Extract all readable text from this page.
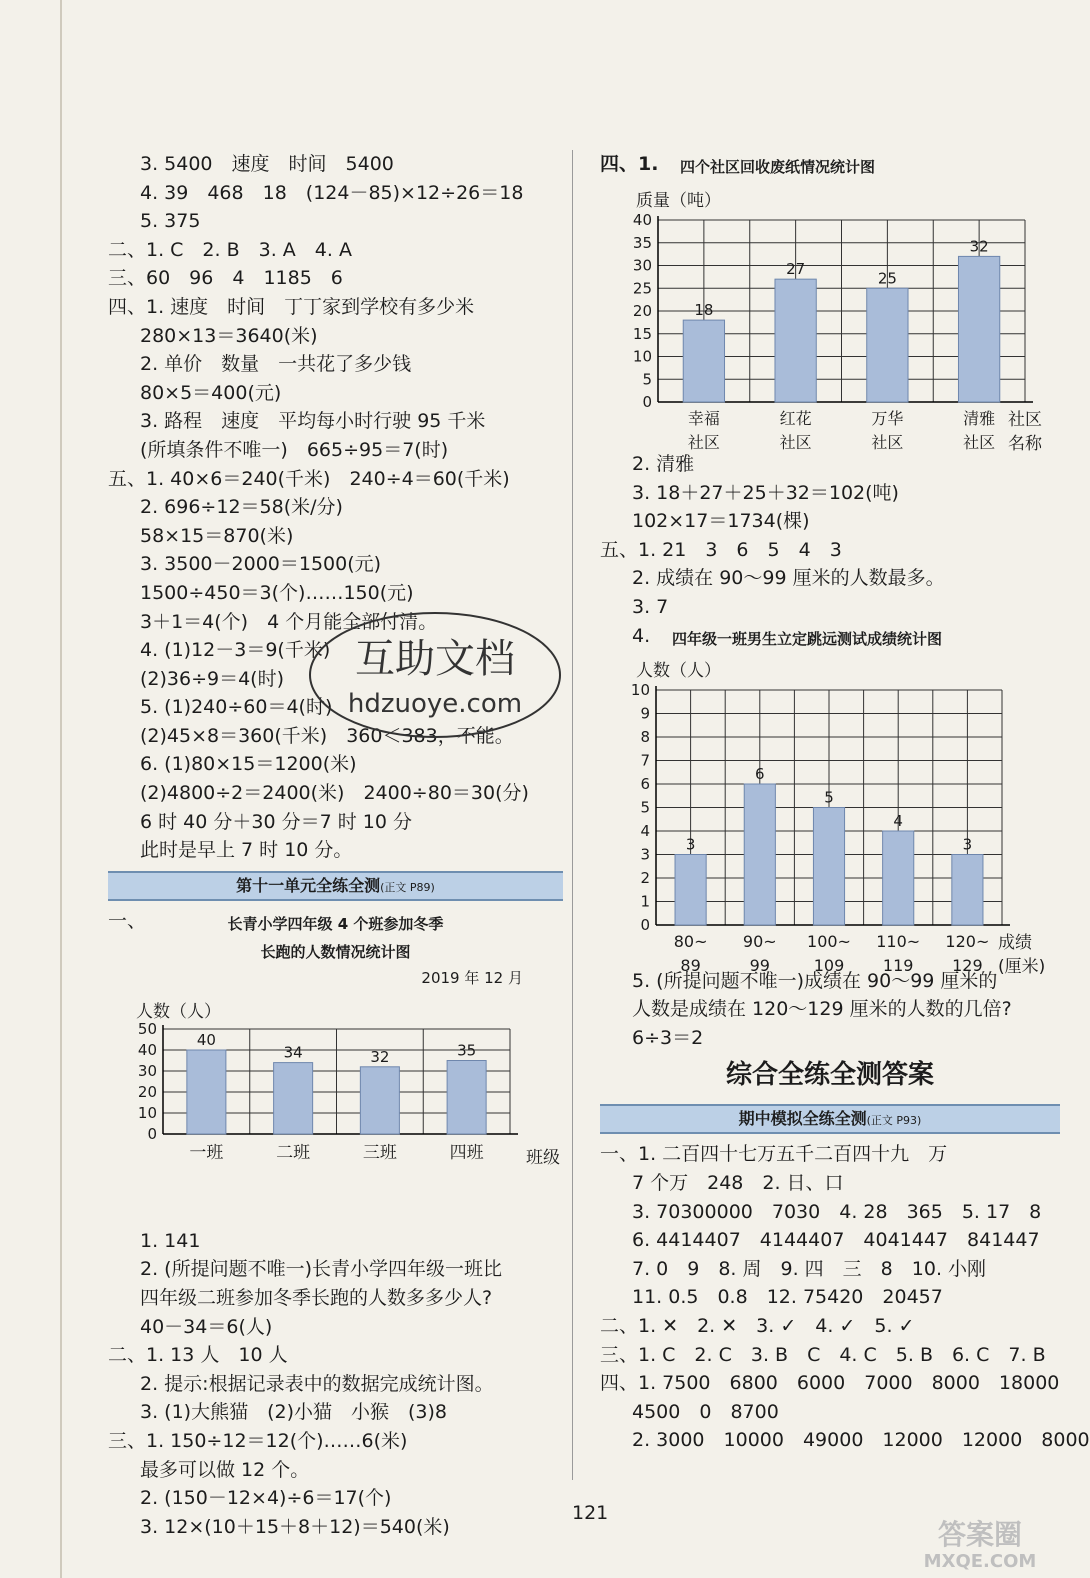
3. 5400　速度　时间　5400
4. 39　468　18　(124－85)×12÷26＝18
5. 375
二、1. C　2. B　3. A　4. A
三、60　96　4　1185　6
四、1. 速度　时间　丁丁家到学校有多少米
280×13＝3640(米)
2. 单价　数量　一共花了多少钱
80×5＝400(元)
3. 路程　速度　平均每小时行驶 95 千米
(所填条件不唯一)　665÷95＝7(时)
五、1. 40×6＝240(千米)　240÷4＝60(千米)
2. 696÷12＝58(米/分)
58×15＝870(米)
3. 3500－2000＝1500(元)
1500÷450＝3(个)……150(元)
3＋1＝4(个)　4 个月能全部付清。
4. (1)12－3＝9(千米)
(2)36÷9＝4(时)
5. (1)240÷60＝4(时)
(2)45×8＝360(千米)　360＜383，不能。
6. (1)80×15＝1200(米)
(2)4800÷2＝2400(米)　2400÷80＝30(分)
6 时 40 分＋30 分＝7 时 10 分
此时是早上 7 时 10 分。
第十一单元全练全测(正文 P89)
一、	长青小学四年级 4 个班参加冬季
长跑的人数情况统计图
2019 年 12 月
0
10
20
30
40
50
40
一班
34
二班
32
三班
35
四班
人数（人）
班级
1. 141
2. (所提问题不唯一)长青小学四年级一班比
四年级二班参加冬季长跑的人数多多少人?
40－34＝6(人)
二、1. 13 人　10 人
2. 提示:根据记录表中的数据完成统计图。
3. (1)大熊猫　(2)小猫　小猴　(3)8
三、1. 150÷12＝12(个)……6(米)
最多可以做 12 个。
2. (150－12×4)÷6＝17(个)
3. 12×(10＋15＋8＋12)＝540(米)
四、1. 四个社区回收废纸情况统计图
0
5
10
15
20
25
30
35
40
18
幸福
社区
27
红花
社区
25
万华
社区
32
清雅
社区
质量（吨）
社区
名称
2. 清雅
3. 18＋27＋25＋32＝102(吨)
102×17＝1734(棵)
五、1. 21　3　6　5　4　3
2. 成绩在 90～99 厘米的人数最多。
3. 7
4. 四年级一班男生立定跳远测试成绩统计图
0
1
2
3
4
5
6
7
8
9
10
3
80~
89
6
90~
99
5
100~
109
4
110~
119
3
120~
129
人数（人）
成绩
(厘米)
5. (所提问题不唯一)成绩在 90～99 厘米的
人数是成绩在 120～129 厘米的人数的几倍?
6÷3＝2
综合全练全测答案
期中模拟全练全测(正文 P93)
一、1. 二百四十七万五千二百四十九　万
7 个万　248　2. 日、口
3. 70300000　7030　4. 28　365　5. 17　8
6. 4414407　4144407　4041447　841447
7. 0　9　8. 周　9. 四　三　8　10. 小刚
11. 0.5　0.8　12. 75420　20457
二、1. ✕　2. ✕　3. ✓　4. ✓　5. ✓
三、1. C　2. C　3. B　C　4. C　5. B　6. C　7. B
四、1. 7500　6800　6000　7000　8000　18000
4500　0　8700
2. 3000　10000　49000　12000　12000　8000
121
互助文档
hdzuoye.com
答案圈
MXQE.COM
